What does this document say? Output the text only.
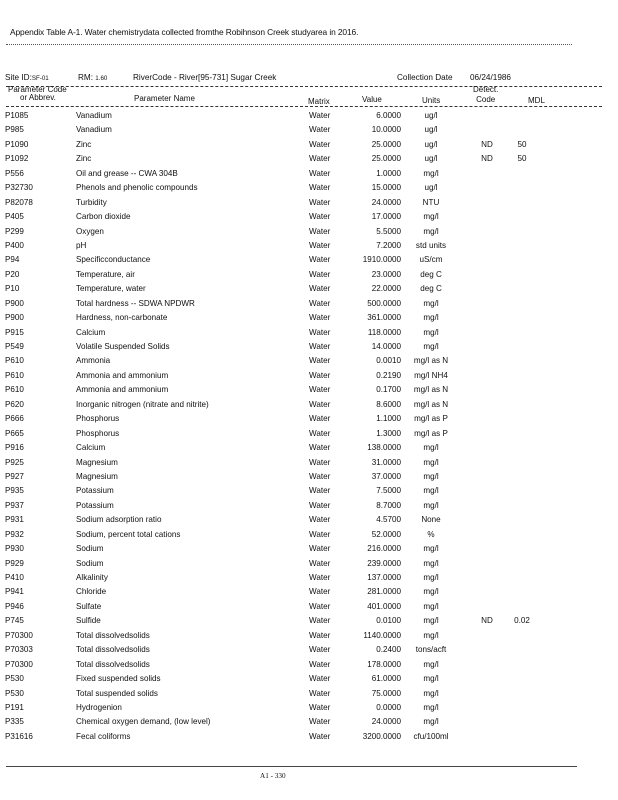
Appendix Table A-1. Water chemistrydata collected fromthe Robihnson Creek studyarea in 2016.
Site ID:SF-01	RM: 1.60	RiverCode - River[95-731] Sugar Creek	Collection Date 06/24/1986
Parameter Code
or Abbrev.	Parameter Name	Matrix	Value	Units
Detect.
Code	MDL
P1085	Vanadium	Water	6.0000	ug/l
P985	Vanadium	Water	10.0000	ug/l
P1090	Zinc	Water	25.0000	ug/l	ND	50
P1092	Zinc	Water	25.0000	ug/l	ND	50
P556	Oil and grease -- CWA 304B	Water	1.0000	mg/l
P32730	Phenols and phenolic compounds	Water	15.0000	ug/l
P82078	Turbidity	Water	24.0000	NTU
P405	Carbon dioxide	Water	17.0000	mg/l
P299	Oxygen	Water	5.5000	mg/l
P400	pH	Water	7.2000	std units
P94	Specificconductance	Water	1910.0000	uS/cm
P20	Temperature, air	Water	23.0000	deg C
P10	Temperature, water	Water	22.0000	deg C
P900	Total hardness -- SDWA NPDWR	Water	500.0000	mg/l
P900	Hardness, non-carbonate	Water	361.0000	mg/l
P915	Calcium	Water	118.0000	mg/l
P549	Volatile Suspended Solids	Water	14.0000	mg/l
P610	Ammonia	Water	0.0010	mg/l as N
P610	Ammonia and ammonium	Water	0.2190	mg/l NH4
P610	Ammonia and ammonium	Water	0.1700	mg/l as N
P620	Inorganic nitrogen (nitrate and nitrite)	Water	8.6000	mg/l as N
P666	Phosphorus	Water	1.1000	mg/l as P
P665	Phosphorus	Water	1.3000	mg/l as P
P916	Calcium	Water	138.0000	mg/l
P925	Magnesium	Water	31.0000	mg/l
P927	Magnesium	Water	37.0000	mg/l
P935	Potassium	Water	7.5000	mg/l
P937	Potassium	Water	8.7000	mg/l
P931	Sodium adsorption ratio	Water	4.5700	None
P932	Sodium, percent total cations	Water	52.0000	%
P930	Sodium	Water	216.0000	mg/l
P929	Sodium	Water	239.0000	mg/l
P410	Alkalinity	Water	137.0000	mg/l
P941	Chloride	Water	281.0000	mg/l
P946	Sulfate	Water	401.0000	mg/l
P745	Sulfide	Water	0.0100	mg/l	ND	0.02
P70300	Total dissolvedsolids	Water	1140.0000	mg/l
P70303	Total dissolvedsolids	Water	0.2400	tons/acft
P70300	Total dissolvedsolids	Water	178.0000	mg/l
P530	Fixed suspended solids	Water	61.0000	mg/l
P530	Total suspended solids	Water	75.0000	mg/l
P191	Hydrogenion	Water	0.0000	mg/l
P335	Chemical oxygen demand, (low level)	Water	24.0000	mg/l
P31616	Fecal coliforms	Water	3200.0000	cfu/100ml
A1 - 330
